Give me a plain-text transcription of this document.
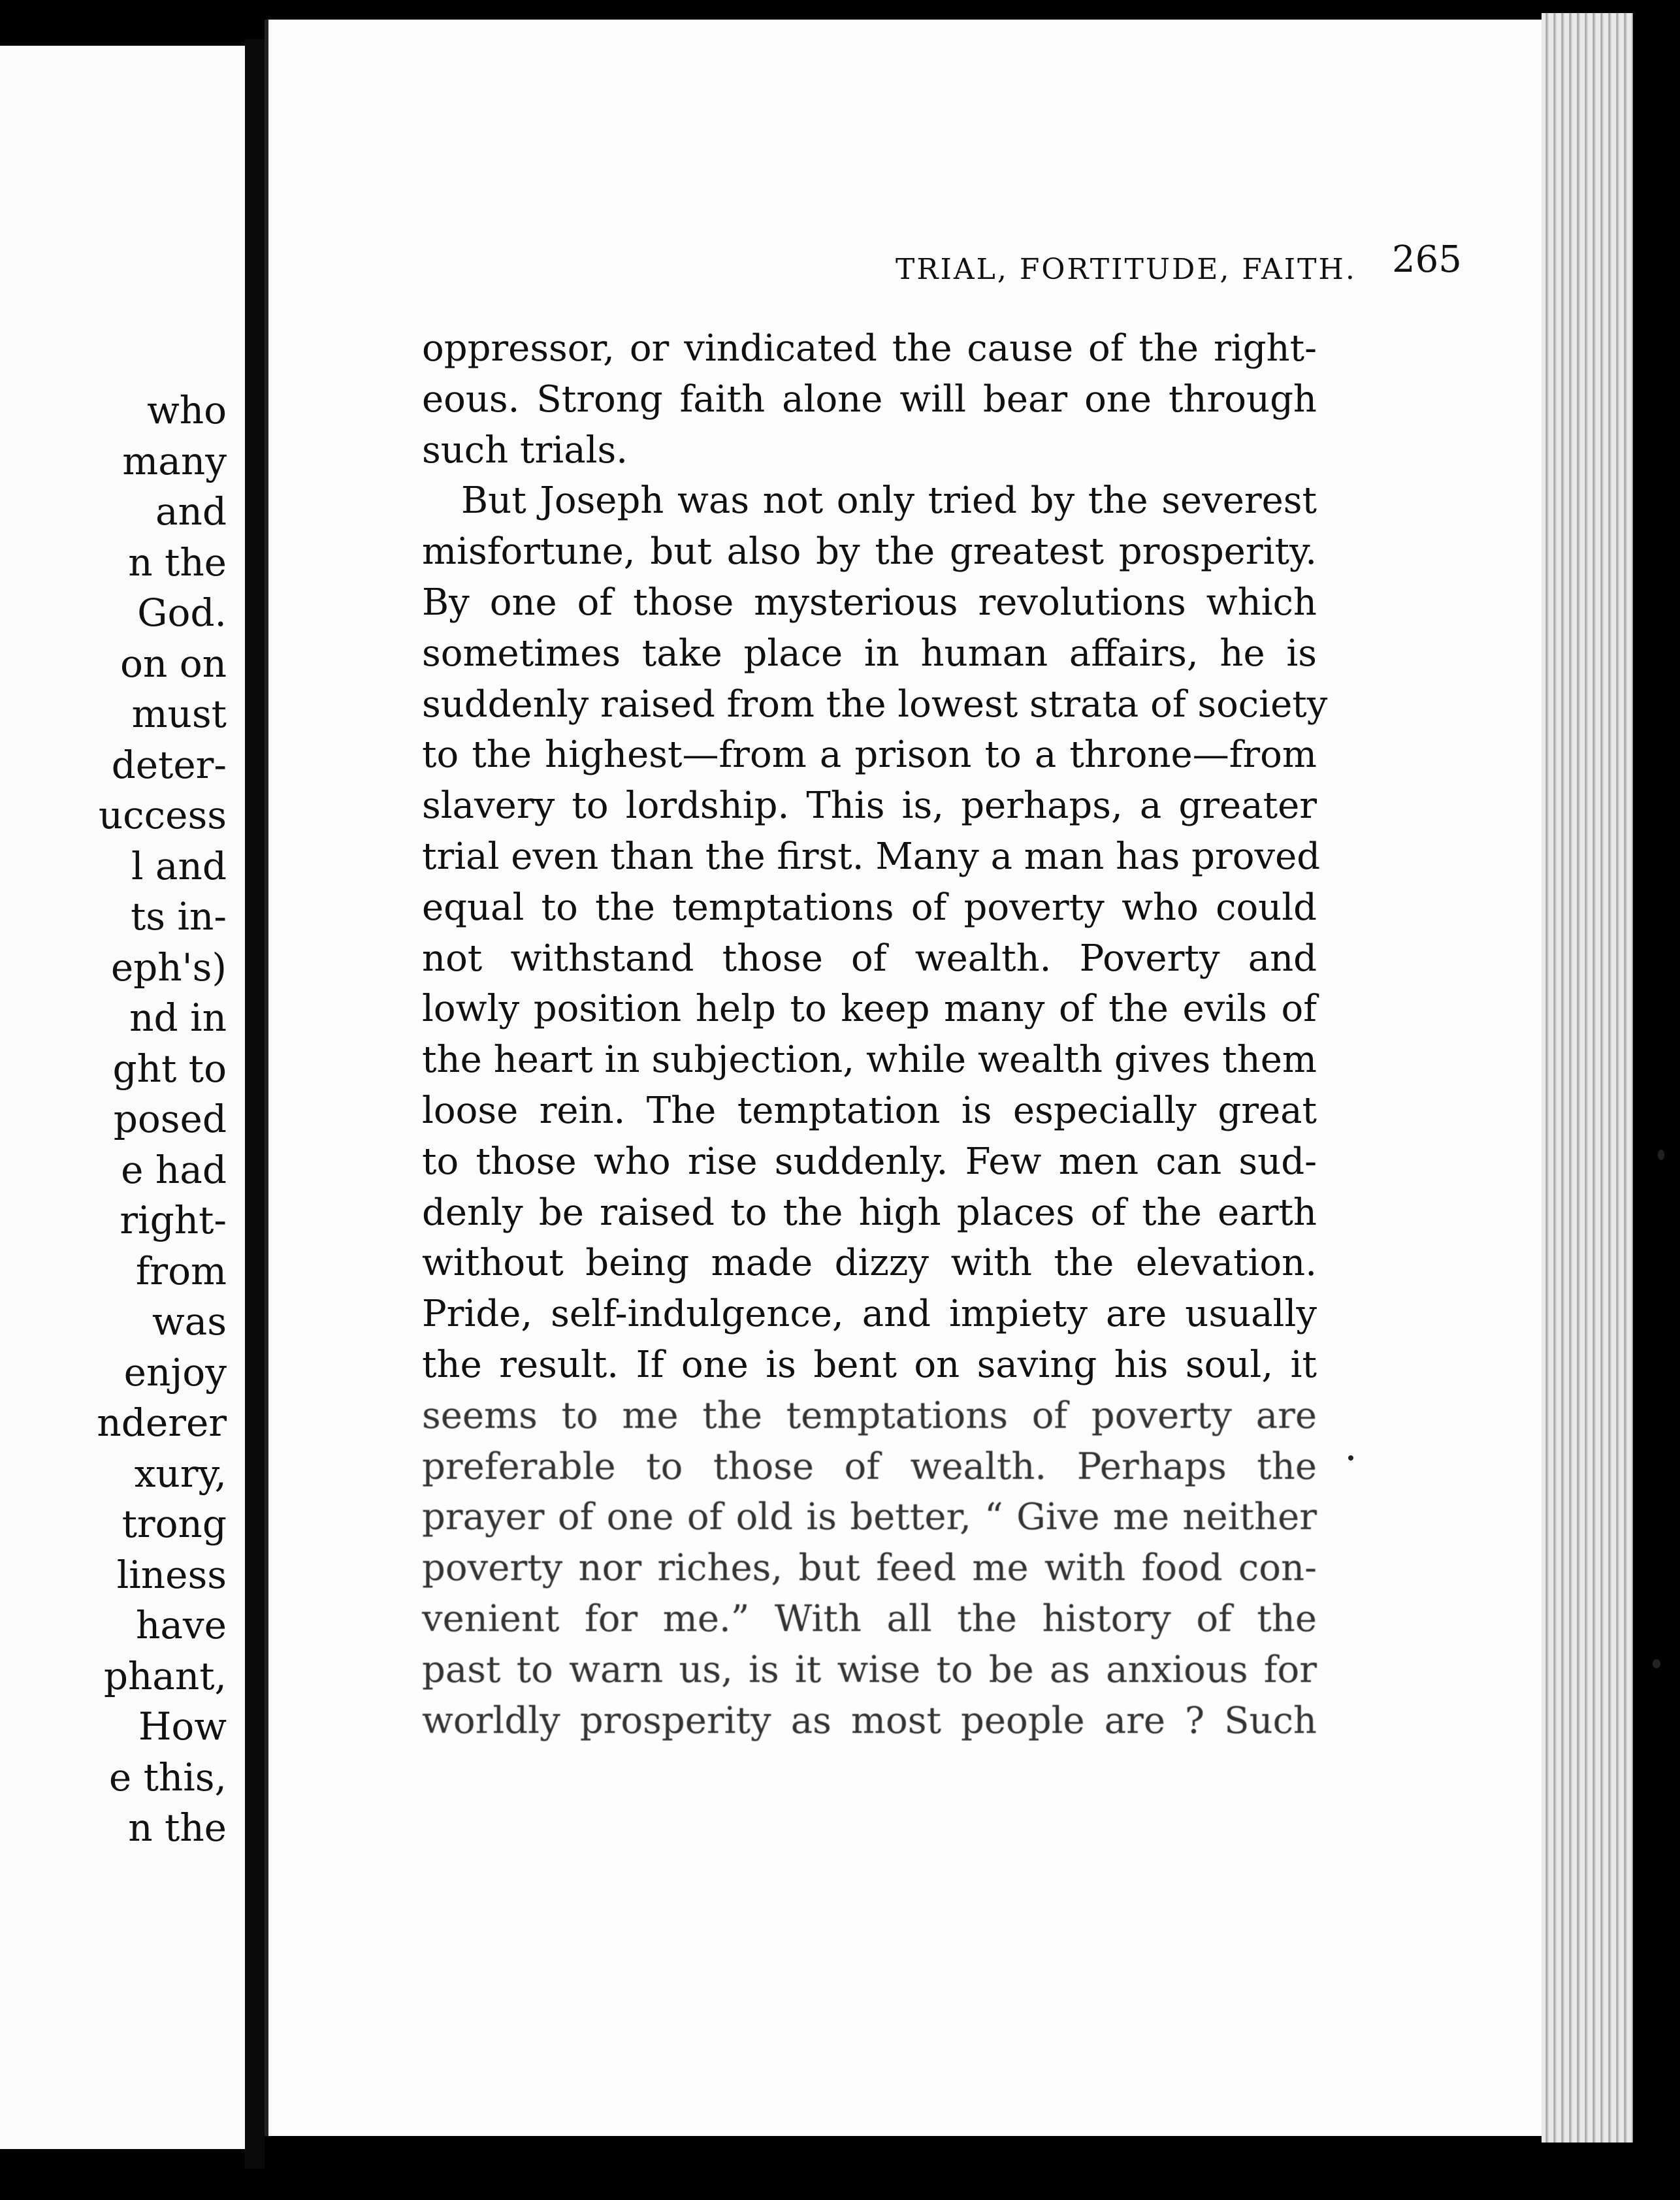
who
many
and
n the
God.
on on
must
deter-
uccess
l and
ts in-
eph's)
nd in
ght to
posed
e had
right-
from
was
enjoy
nderer
xury,
trong
liness
have
phant,
How
e this,
n the
TRIAL, FORTITUDE, FAITH. 265
oppressor, or vindicated the cause of the right-
eous. Strong faith alone will bear one through
such trials.
But Joseph was not only tried by the severest
misfortune, but also by the greatest prosperity.
By one of those mysterious revolutions which
sometimes take place in human affairs, he is
suddenly raised from the lowest strata of society
to the highest—from a prison to a throne—from
slavery to lordship. This is, perhaps, a greater
trial even than the first. Many a man has proved
equal to the temptations of poverty who could
not withstand those of wealth. Poverty and
lowly position help to keep many of the evils of
the heart in subjection, while wealth gives them
loose rein. The temptation is especially great
to those who rise suddenly. Few men can sud-
denly be raised to the high places of the earth
without being made dizzy with the elevation.
Pride, self-indulgence, and impiety are usually
the result. If one is bent on saving his soul, it
seems to me the temptations of poverty are
preferable to those of wealth. Perhaps the
prayer of one of old is better, “ Give me neither
poverty nor riches, but feed me with food con-
venient for me.” With all the history of the
past to warn us, is it wise to be as anxious for
worldly prosperity as most people are ? Such
